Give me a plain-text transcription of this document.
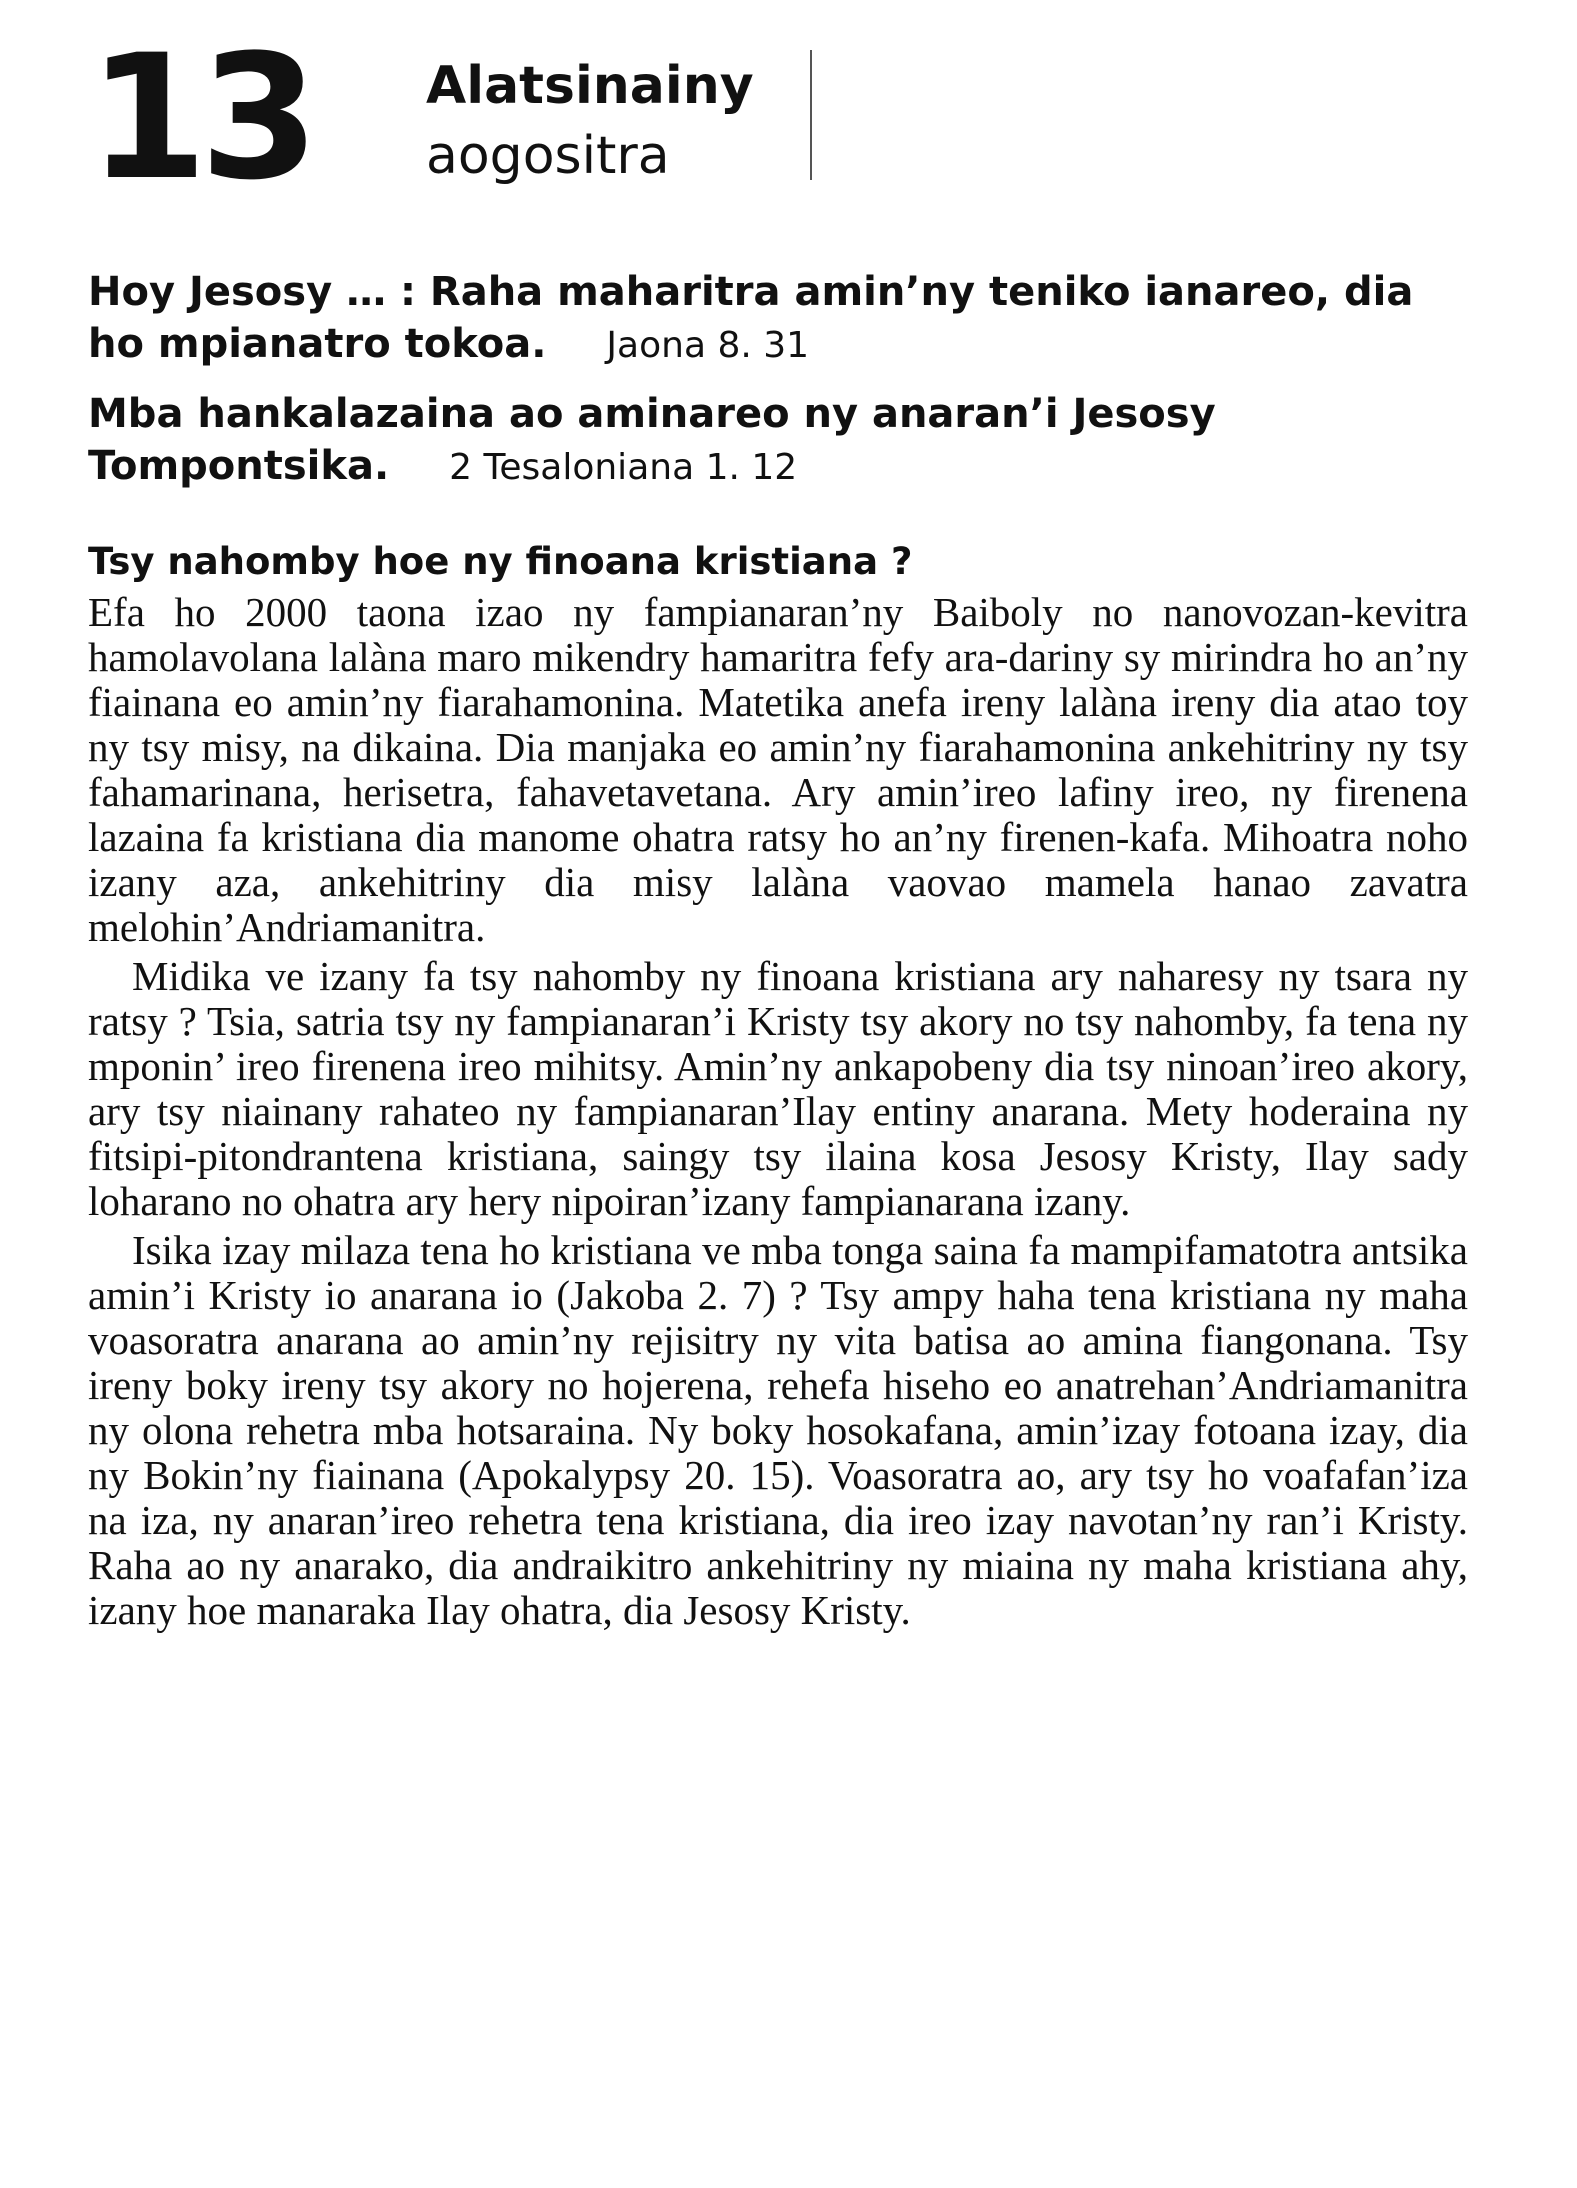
13 Alatsinainy
aogositra

Hoy Jesosy … : Raha maharitra amin’ny teniko ianareo, dia ho mpianatro tokoa. Jaona 8. 31

Mba hankalazaina ao aminareo ny anaran’i Jesosy Tompontsika. 2 Tesaloniana 1. 12

Tsy nahomby hoe ny finoana kristiana ?

Efa ho 2000 taona izao ny fampianaran’ny Baiboly no nanovozan-kevitra hamolavolana lalàna maro mikendry hamaritra fefy ara-dariny sy mirindra ho an’ny fiainana eo amin’ny fiarahamonina. Matetika anefa ireny lalàna ireny dia atao toy ny tsy misy, na dikaina. Dia manjaka eo amin’ny fiarahamonina ankehitriny ny tsy fahamarinana, herisetra, fahavetavetana. Ary amin’ireo lafiny ireo, ny firenena lazaina fa kristiana dia manome ohatra ratsy ho an’ny firenen-kafa. Mihoatra noho izany aza, ankehitriny dia misy lalàna vaovao mamela hanao zavatra melohin’Andriamanitra.

Midika ve izany fa tsy nahomby ny finoana kristiana ary naharesy ny tsara ny ratsy ? Tsia, satria tsy ny fampianaran’i Kristy tsy akory no tsy nahomby, fa tena ny mponin’ ireo firenena ireo mihitsy. Amin’ny ankapobeny dia tsy ninoan’ireo akory, ary tsy niainany rahateo ny fampianaran’Ilay entiny anarana. Mety hoderaina ny fitsipi-pitondrantena kristiana, saingy tsy ilaina kosa Jesosy Kristy, Ilay sady loharano no ohatra ary hery nipoiran’izany fampianarana izany.

Isika izay milaza tena ho kristiana ve mba tonga saina fa mampifamatotra antsika amin’i Kristy io anarana io (Jakoba 2. 7) ? Tsy ampy haha tena kristiana ny maha voasoratra anarana ao amin’ny rejisitry ny vita batisa ao amina fiangonana. Tsy ireny boky ireny tsy akory no hojerena, rehefa hiseho eo anatrehan’Andriamanitra ny olona rehetra mba hotsaraina. Ny boky hosokafana, amin’izay fotoana izay, dia ny Bokin’ny fiainana (Apokalypsy 20. 15). Voasoratra ao, ary tsy ho voafafan’iza na iza, ny anaran’ireo rehetra tena kristiana, dia ireo izay navotan’ny ran’i Kristy. Raha ao ny anarako, dia andraikitro ankehitriny ny miaina ny maha kristiana ahy, izany hoe manaraka Ilay ohatra, dia Jesosy Kristy.
